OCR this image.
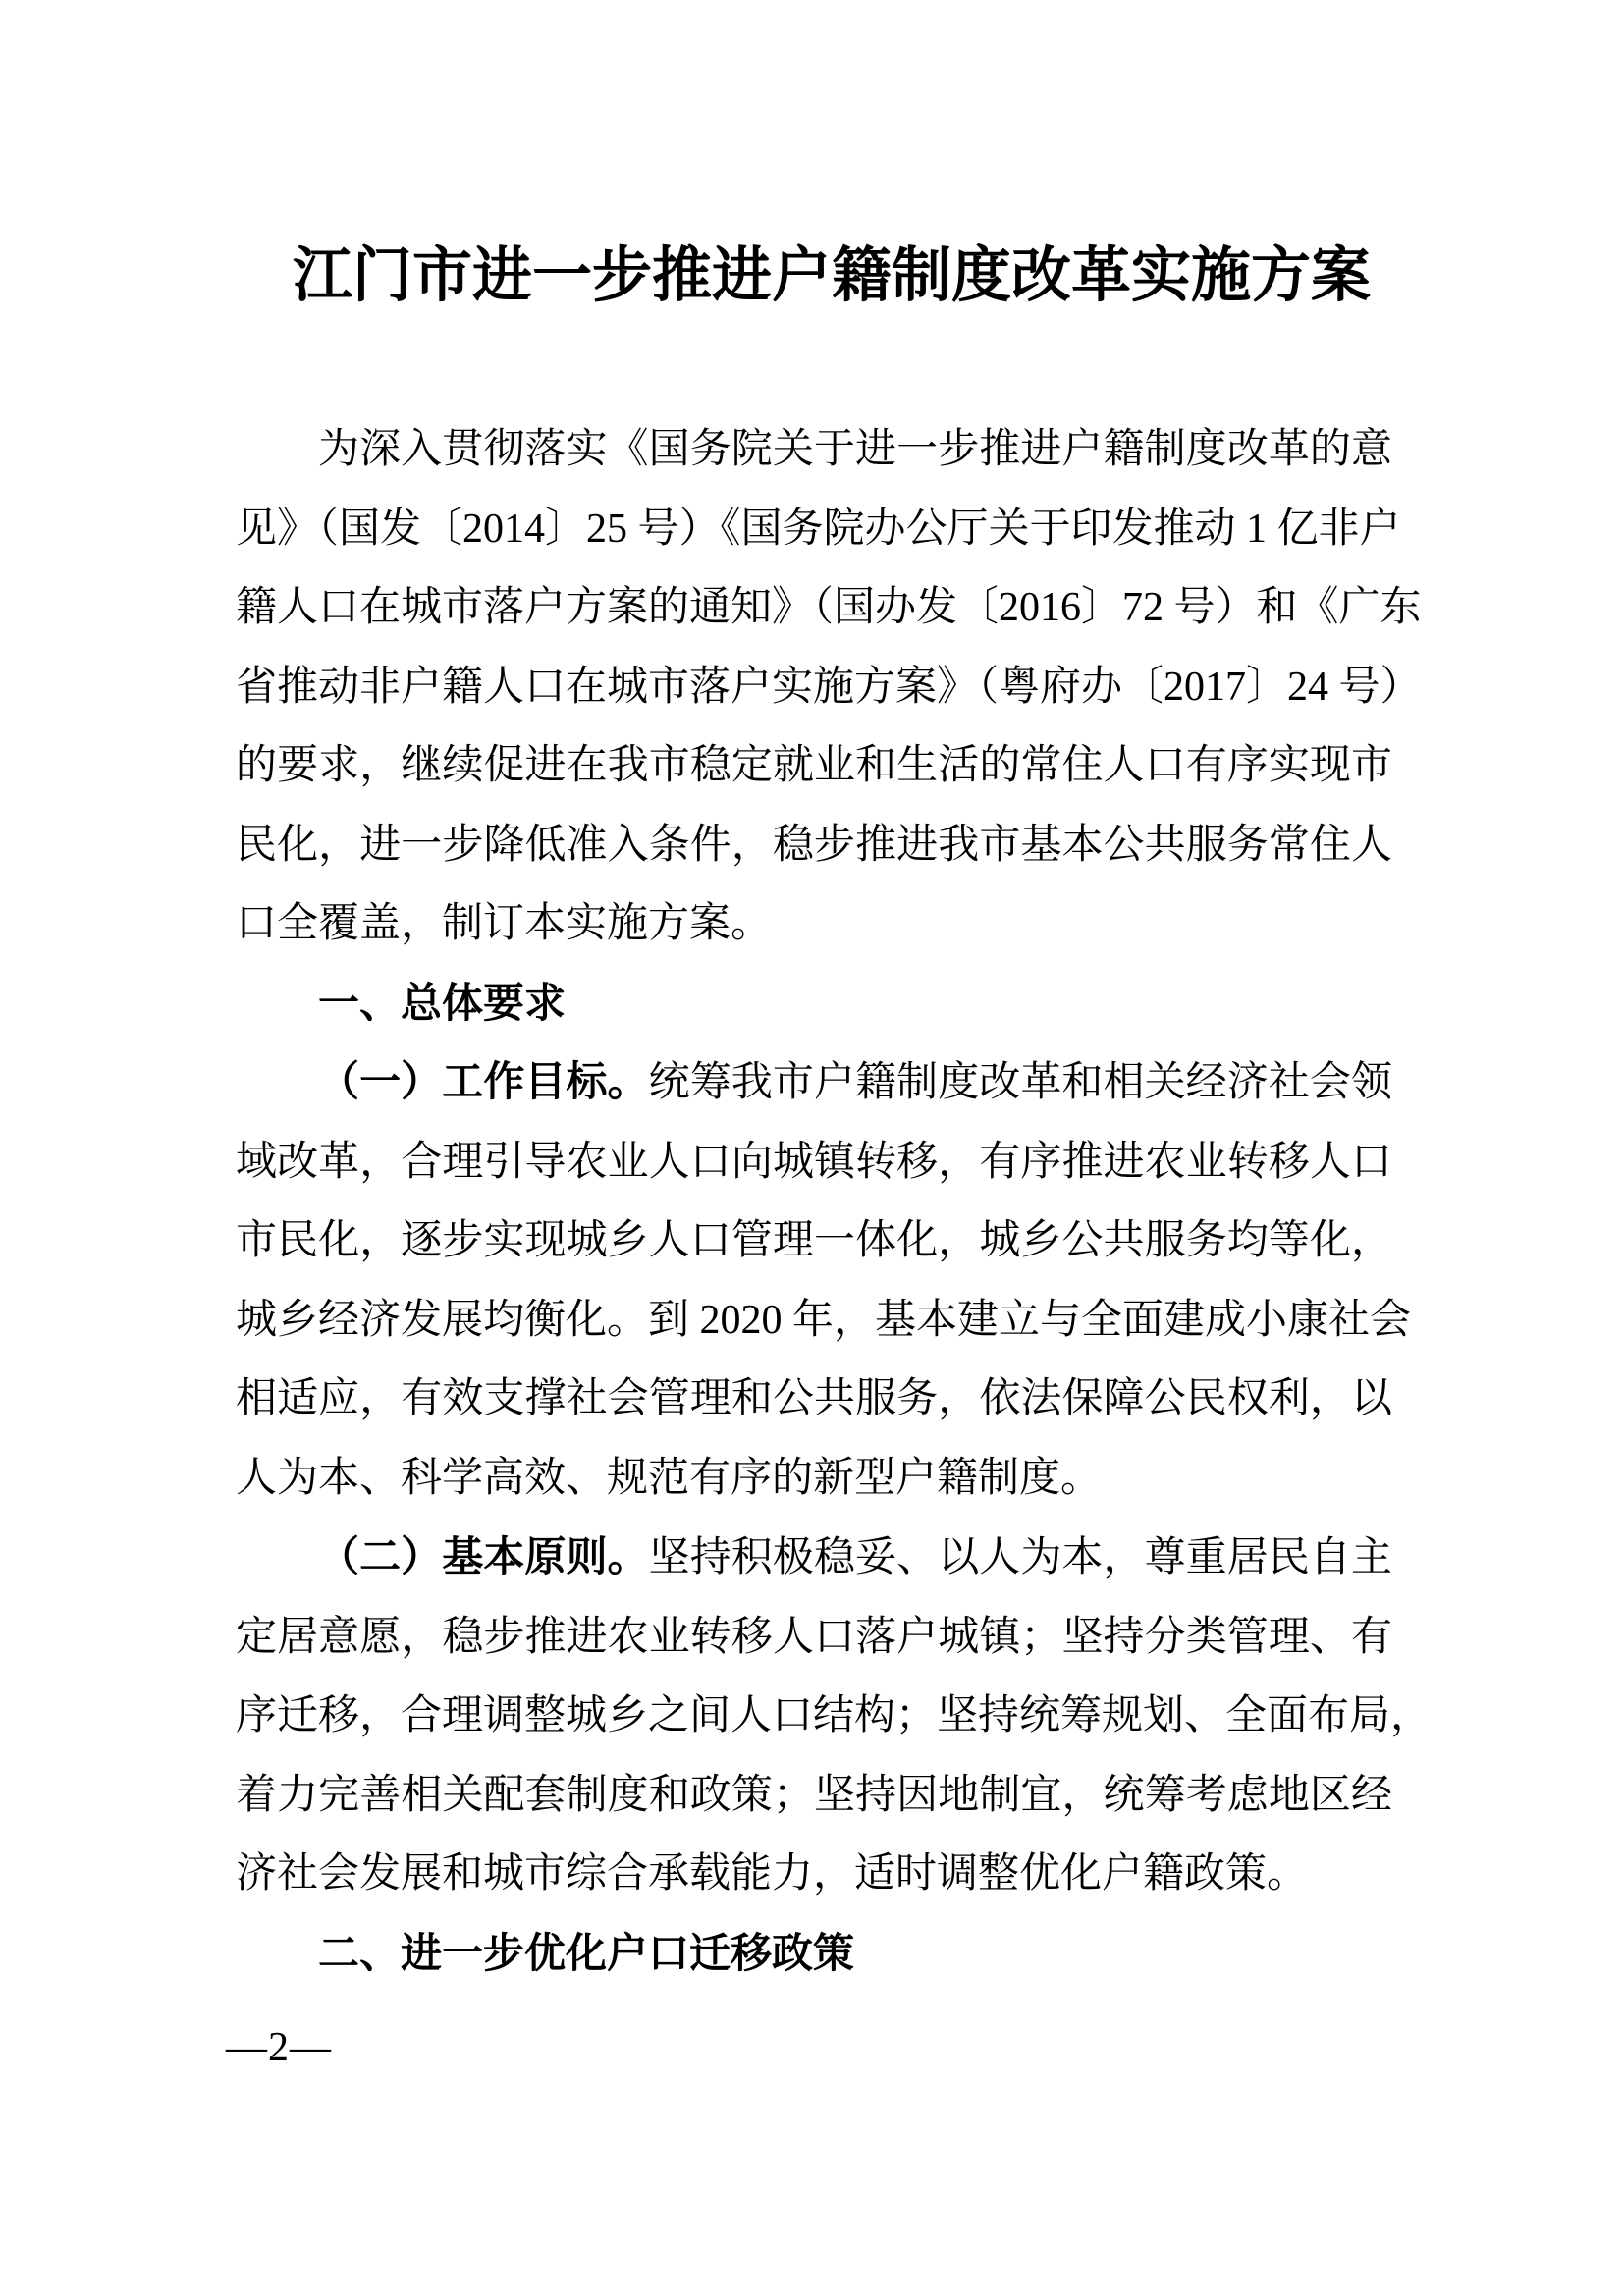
江门市进一步推进户籍制度改革实施方案
为深入贯彻落实《国务院关于进一步推进户籍制度改革的意
见》（国发〔2014〕25 号）《国务院办公厅关于印发推动 1 亿非户
籍人口在城市落户方案的通知》（国办发〔2016〕72 号）和《广东
省推动非户籍人口在城市落户实施方案》（粤府办〔2017〕24 号）
的要求，继续促进在我市稳定就业和生活的常住人口有序实现市
民化，进一步降低准入条件，稳步推进我市基本公共服务常住人
口全覆盖，制订本实施方案。
一、总体要求
（一）工作目标。统筹我市户籍制度改革和相关经济社会领
域改革，合理引导农业人口向城镇转移，有序推进农业转移人口
市民化，逐步实现城乡人口管理一体化，城乡公共服务均等化，
城乡经济发展均衡化。到 2020 年，基本建立与全面建成小康社会
相适应，有效支撑社会管理和公共服务，依法保障公民权利，以
人为本、科学高效、规范有序的新型户籍制度。
（二）基本原则。坚持积极稳妥、以人为本，尊重居民自主
定居意愿，稳步推进农业转移人口落户城镇；坚持分类管理、有
序迁移，合理调整城乡之间人口结构；坚持统筹规划、全面布局，
着力完善相关配套制度和政策；坚持因地制宜，统筹考虑地区经
济社会发展和城市综合承载能力，适时调整优化户籍政策。
二、进一步优化户口迁移政策
—2—
